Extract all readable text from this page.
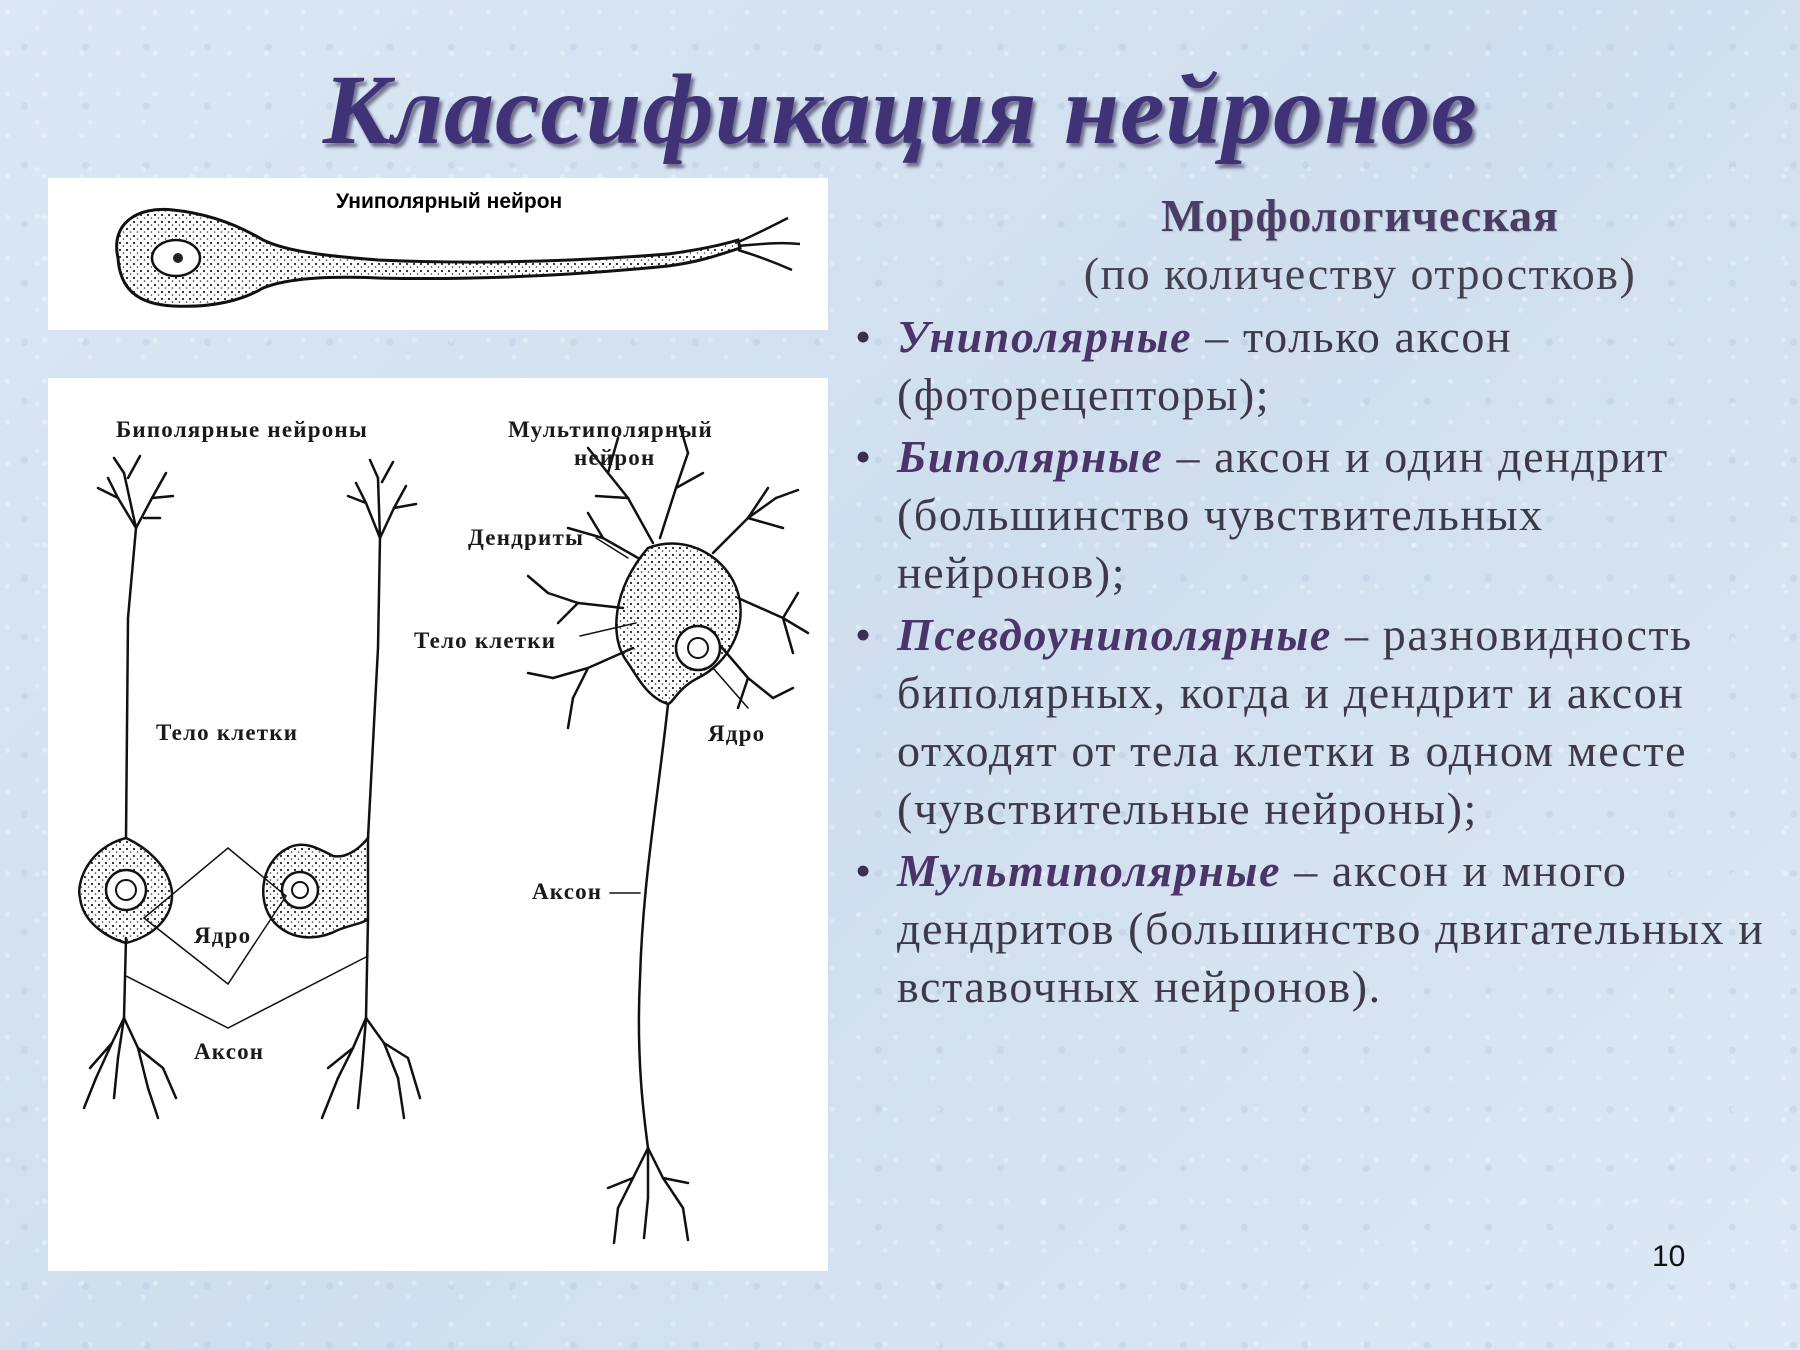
Классификация нейронов
Униполярный нейрон
Биполярные нейроны	Мультиполярный
нейрон
Дендриты
Тело клетки
Ядро
Аксон
Тело клетки
Ядро
Аксон
Морфологическая
(по количеству отростков)
• Униполярные – только аксон (фоторецепторы);
• Биполярные – аксон и один дендрит (большинство чувствительных нейронов);
• Псевдоуниполярные – разновидность биполярных, когда и дендрит и аксон отходят от тела клетки в одном месте (чувствительные нейроны);
• Мультиполярные – аксон и много дендритов (большинство двигательных и вставочных нейронов).
10
